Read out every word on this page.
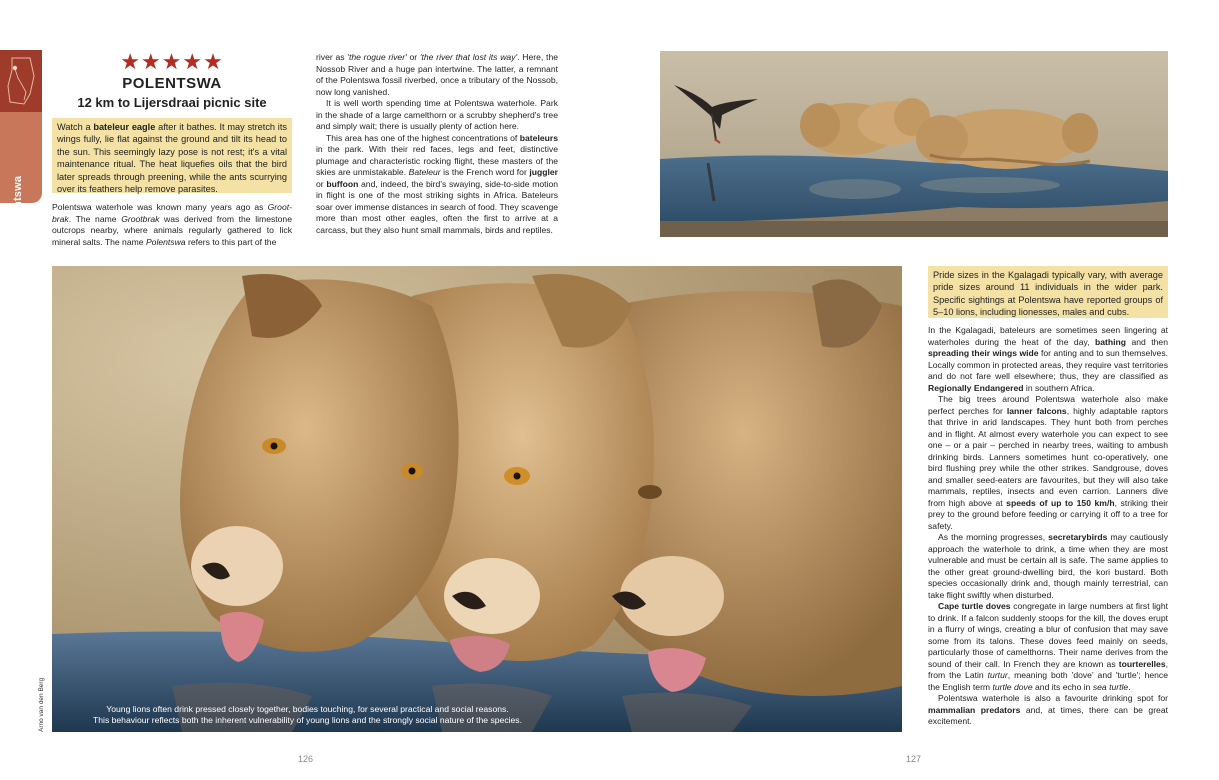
Polentswa
★★★★★
POLENTSWA
12 km to Lijersdraai picnic site
Watch a bateleur eagle after it bathes. It may stretch its wings fully, lie flat against the ground and tilt its head to the sun. This seemingly lazy pose is not rest; it's a vital maintenance ritual. The heat liquefies oils that the bird later spreads through preening, while the ants scurrying over its feathers help remove parasites.

Polentswa waterhole was known many years ago as Grootbrak. The name Grootbrak was derived from the limestone outcrops nearby, where animals regularly gathered to lick mineral salts. The name Polentswa refers to this part of the

river as 'the rogue river' or 'the river that lost its way'. Here, the Nossob River and a huge pan intertwine. The latter, a remnant of the Polentswa fossil riverbed, once a tributary of the Nossob, now long vanished.

It is well worth spending time at Polentswa waterhole. Park in the shade of a large camelthorn or a scrubby shepherd's tree and simply wait; there is usually plenty of action here.

This area has one of the highest concentrations of bateleurs in the park. With their red faces, legs and feet, distinctive plumage and characteristic rocking flight, these masters of the skies are unmistakable. Bateleur is the French word for juggler or buffoon and, indeed, the bird's swaying, side-to-side motion in flight is one of the most striking sights in Africa. Bateleurs soar over immense distances in search of food. They scavenge more than most other eagles, often the first to arrive at a carcass, but they also hunt small mammals, birds and reptiles.

Young lions often drink pressed closely together, bodies touching, for several practical and social reasons.
This behaviour reflects both the inherent vulnerability of young lions and the strongly social nature of the species.
Arno van den Berg
Pride sizes in the Kgalagadi typically vary, with average pride sizes around 11 individuals in the wider park. Specific sightings at Polentswa have reported groups of 5–10 lions, including lionesses, males and cubs.

In the Kgalagadi, bateleurs are sometimes seen lingering at waterholes during the heat of the day, bathing and then spreading their wings wide for anting and to sun themselves. Locally common in protected areas, they require vast territories and do not fare well elsewhere; thus, they are classified as Regionally Endangered in southern Africa.

The big trees around Polentswa waterhole also make perfect perches for lanner falcons, highly adaptable raptors that thrive in arid landscapes. They hunt both from perches and in flight. At almost every waterhole you can expect to see one – or a pair – perched in nearby trees, waiting to ambush drinking birds. Lanners sometimes hunt co-operatively, one bird flushing prey while the other strikes. Sandgrouse, doves and smaller seed-eaters are favourites, but they will also take mammals, reptiles, insects and even carrion. Lanners dive from high above at speeds of up to 150 km/h, striking their prey to the ground before feeding or carrying it off to a tree for safety.

As the morning progresses, secretarybirds may cautiously approach the waterhole to drink, a time when they are most vulnerable and must be certain all is safe. The same applies to the other great ground-dwelling bird, the kori bustard. Both species occasionally drink and, though mainly terrestrial, can take flight swiftly when disturbed.

Cape turtle doves congregate in large numbers at first light to drink. If a falcon suddenly stoops for the kill, the doves erupt in a flurry of wings, creating a blur of confusion that may save some from its talons. These doves feed mainly on seeds, particularly those of camelthorns. Their name derives from the sound of their call. In French they are known as tourterelles, from the Latin turtur, meaning both 'dove' and 'turtle'; hence the English term turtle dove and its echo in sea turtle.

Polentswa waterhole is also a favourite drinking spot for mammalian predators and, at times, there can be great excitement.

126	127
